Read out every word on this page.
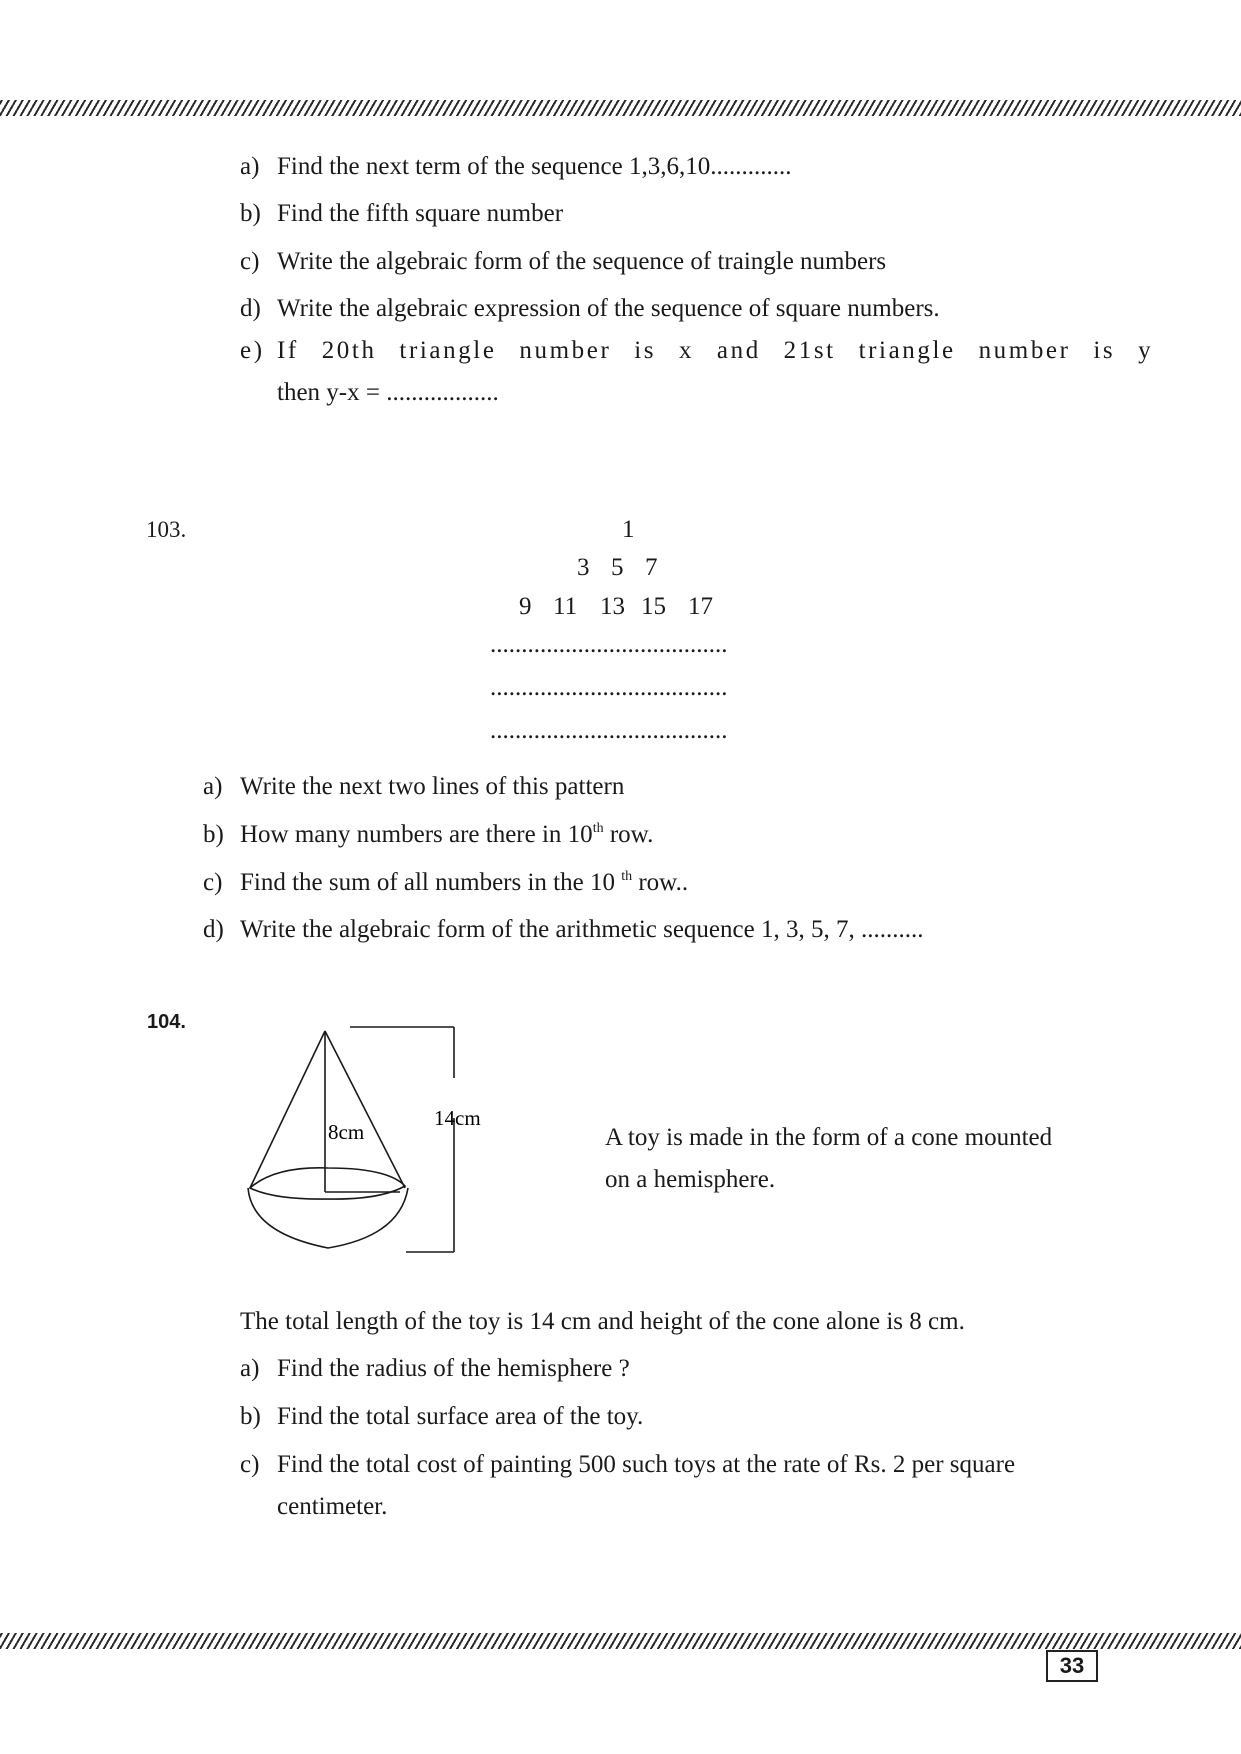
a) Find the next term of the sequence 1,3,6,10.............
b) Find the fifth square number
c) Write the algebraic form of the sequence of traingle numbers
d) Write the algebraic expression of the sequence of square numbers.
e) If 20th triangle number is x and 21st triangle number is y
then y-x = ..................
103.	1
3 5 7
9 11 13 15 17
......................................
......................................
......................................
a) Write the next two lines of this pattern
b) How many numbers are there in 10th row.
c) Find the sum of all numbers in the 10 $^{th}$ row..
d) Write the algebraic form of the arithmetic sequence 1, 3, 5, 7, ..........
104.
8cm
14cm
A toy is made in the form of a cone mounted
on a hemisphere.
The total length of the toy is 14 cm and height of the cone alone is 8 cm.
a) Find the radius of the hemisphere ?
b) Find the total surface area of the toy.
c) Find the total cost of painting 500 such toys at the rate of Rs. 2 per square
centimeter.
33
